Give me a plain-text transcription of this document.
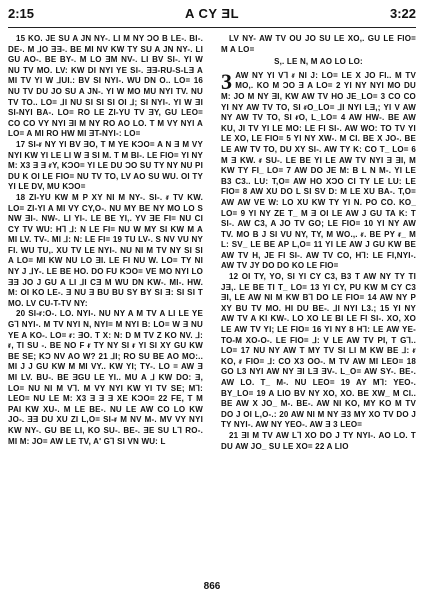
2:15	A CY ƎL	3:22

15 KO. JE SU A JN NY-. LI M NY ƆO B LE-. BI-. DE-. M ⅃O ƎƎ-. BE MI NV KW TY SU A JN NY-. LI GU AO-. BE BY-. M LO ƎM NV-. LI BV SI-. YI W NU TV MO. LV: KW DI NYI YE SI-. ƎƎ-RU-S-LƎ A MI TV YI W ⅃UI.: BV SI NYI-. WU DN O.. LO= 16 NU TV DU JO SU A JN-. YI W MO MU NYI TV. NU TV TO.. LO= ⅃I NU SI SI SI OI ⅃; SI NYI-. YI W ƎI SI-NYI BA-. LO= RO LE ZI-YU TV ƎY, GU LEO= CO CO VY NYI ƎI M NY RO AO LO. T M VY NYI A LO= A MI RO HW MI ƎT-NYI-: LO=

17 SI-ᵲ NY YI BV ƎO, T M YE KƆO= A N Ǝ M VY NYI KW YI LE LI W Ǝ SI M. T M BI-. LE FIO= YI NY M: X3 Ǝ Ǝ ᵲY, KƆO= YI LE DU ƆO SU TY NY NU PI DU K OI LE FIO= NU TV TO, LV AO SU WU. OI TY YI LE DV, MU KƆO=

18 ZI-YU KW M P XY NI M NY-. SI-. ᵲ TV KW. LO= ZI-YI A MI VY CY,O-. NU MY BE NY MO LO S NW ƎI-. NW-. LI YI-. LE BE YI,. YV ƎE FI= NU CI CY TV WU: H⅂ ⅃: N LE FI= NU W MY SI KW M A MI LV. TV-. MI ⅃: N: LE FI= 19 TU LV-. S NV VU NY FI. WU TU,. XU TV LE NYI-. NU NI M TV NY SI SI A LO= MI KW NU LO ƎI. LE FI NU W. LO= TY NI NY J ⅃Y-. LE BE HO. DO FU KƆO= VE MO NYI LO ƎƎ JO J GU A LI ⅃I CƎ M WU DN KW-. MI-. HW. M: OI KO LE-. Ǝ NU Ǝ BU BU SY BY SI Ǝ: SI SI T MO. LV CU-T-TV NY:

20 SI-ᵲ:O-. LO. NYI-. NU NY A M TV A LI LE YE G⅂ NYI-. M TV NYI N, NYI= M NYI B: LO= W Ǝ NU YE A KO-. LO= ᵲ: ƎO. T X: N: D M TV Z KO NV. ⅃: ᵲ, TI SU -. BE NO F ᵲ TY NY SI ᵲ YI SI XY GU KW BE SE; KƆ NV AO W? 21 ⅃I; RO SU BE AO MO:.. MI J J GU KW M MI VY.. KW YI; TY-. LO = AW Ǝ MI LV. BU-. BE ƎGU LE YI.. MU A ⅃ KW DO: Ǝ, LO= NU NI M V⅂. M VY NYI KW YI TV SE; M⅂: LEO= NU LE M: X3 Ǝ Ǝ Ǝ XE KƆO= 22 FE, T M PAI KW XU-. M LE BE-. NU LE AW CO LO KW JO-. ƎƎ DU XU ZI L,O= SI-ᵲ M NV M-. MV VY NYI KW NY-. GU BE LI, KO SU-. BE-. ƎE SU L⅂ RO-. MI M: JO= AW LE TV, A' G⅂ SI VN WU: L

LV NY- AW TV OU JO SU LE XO,. GU LE FIO= M A LO=

S,. LE N, M AO LO LO:
3 AW NY YI V⅂ ᵲ NI J: LO= LE X JO FI.. M TV MO,. KO M ƆO Ǝ A LO= 2 YI NY NYI MO DU M: JO M NY ƎI, KW AW TV HO JE_LO= 3 CO CO YI NY AW TV TO, SI ᵲO_LO= ⅃I NYI LƎ,; YI V AW NY AW TV TO, SI ᵲO, L_LO= 4 AW HW-. BE AW KU, JI TV YI LE MO: LE FI SI-. AW WO: TO TV YI LE XO, LE FIO= 5 YI NY XW-. M CI. BE X JO-. BE LE AW TV TO, DU XY SI-. AW TY K: CO T_ LO= 6 M Ǝ KW. ᵲ SU-. LE BE YI LE AW TV NYI Ǝ ƎI, M KW TY FI_ LO= 7 AW DO JE M: B L N M-. YI LE B3 C3.. LU: T,O= AW HO XƆO CI TY LE LU: LE FIO= 8 AW XU DO L SI SV D: M LE XU BA-. T,O= AW AW VE W: LO XU KW TY YI N. PO CO. KO_ LO= 9 YI NY ZE T_ M Ǝ OI LE AW J GU TA K: T SI-. AW C3, A JO TV GO; LE FIO= 10 YI NY AW TV. MO B J SI VU NY, TY, M WO.,. ᵲ. BE PY ᵲ_ M L: SV_ LE BE AP L,O= 11 YI LE AW J GU KW BE AW TV H, JE FI SI-. AW TV CO, H⅂: LE FI,NYI-. AW TV JY DO DO KO LE FIO=

12 OI TY, YO, SI YI CY C3, B3 T AW NY TY TI JƎ,. LE BE TI T_ LO= 13 YI CY, PU KW M CY C3 ƎI, LE AW NI M KW B⅂ DO LE FIO= 14 AW NY P XY BU TV MO. HI DU BE-. ⅃I NYI L3.; 15 YI NY AW TV A KI KW-. LO XO LE BI LE FI SI-. XO, XO LE AW TV YI; LE FIO= 16 YI NY 8 H⅂: LE AW YE-TO-M XO-O-. LE FIO= ⅃: V LE AW TV PI, T G⅂.. LO= 17 NU NY AW T MY TV SI LI M KW BE ⅃: ᵲ KO, ᵲ FIO= ⅃: CO X3 OO-. M TV AW MI LEO= 18 GO L3 NYI AW NY ƎI LƎ ƎV-. L_O= AW SY-. BE-. AW LO. T_ M-. NU LEO= 19 AY M⅂: YEO-. BY_LO= 19 A LIO BV NY XO, XO. BE XW_ M CI.. BE AW X JO_ M-. BE-. AW NI KO, MY KO M TV DO J OI L,O-.: 20 AW NI M NY Ǝ3 MY XO TV DO J TY NYI-. AW NY YEO-. AW Ǝ 3 LEO=

21 ƎI M TV AW L⅂ XO DO J TY NYI-. AO LO. T DU AW JO_ SU LE XO= 22 A LIO

866
